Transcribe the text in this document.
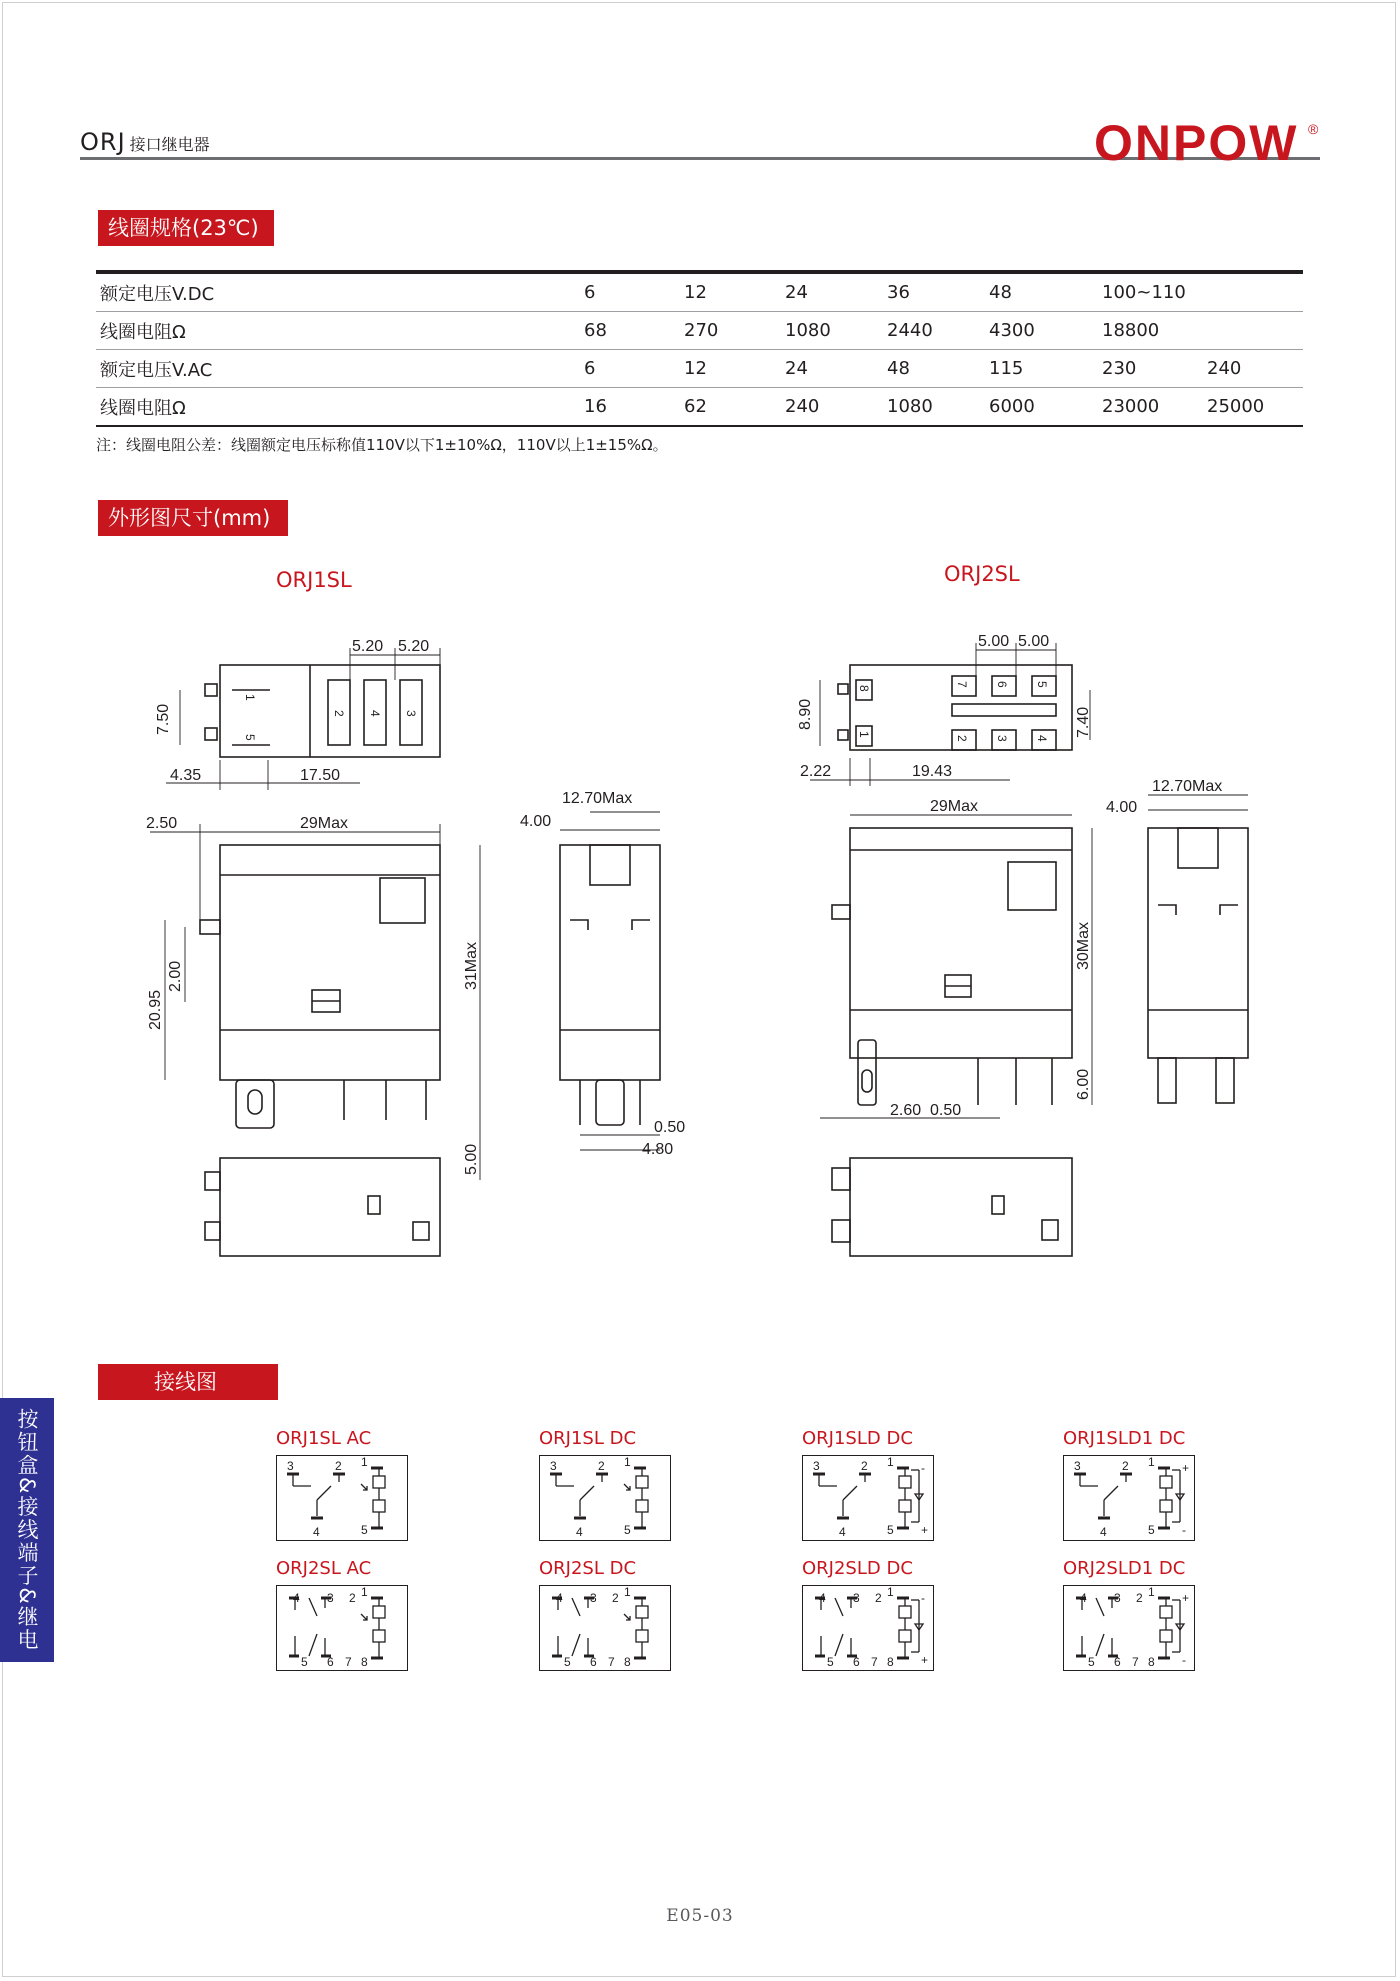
ORJ 接口继电器	ONPOW ®
线圈规格(23℃)
额定电压V.DC	6	12	24	36	48	100~110	
线圈电阻Ω	68	270	1080	2440	4300	18800	
额定电压V.AC	6	12	24	48	115	230	240
线圈电阻Ω	16	62	240	1080	6000	23000	25000
注：线圈电阻公差：线圈额定电压标称值110V以下1±10%Ω，110V以上1±15%Ω。
外形图尺寸(mm)
ORJ1SL	ORJ2SL
5.20 5.20
7.50
4.35	17.50
2.50	29Max
12.70Max
4.00
20.95
2.00	31Max
5.00
0.50
4.80
5.00 5.00
8.90	7.40
2.22	19.43
29Max
12.70Max
4.00
30Max
6.00
2.60 0.50
1
5
2 4 3
8
1
7 6 5
2 3 4
接线图
ORJ1SL AC
3	2
4
1
5
ORJ1SL DC
3	2
4
1
5
ORJ1SLD DC
3	2
4
1
5
-
+
ORJ1SLD1 DC
3	2
4
1
5
+
-
ORJ2SL AC
4 3 2
5 6 7
1
8
ORJ2SL DC
4 3 2
5 6 7
1
8
ORJ2SLD DC
4 3 2
5 6 7
1
8
-
+
ORJ2SLD1 DC
4 3 2
5 6 7
1
8
+
-
按钮盒&接线端子&继电
E05-03
